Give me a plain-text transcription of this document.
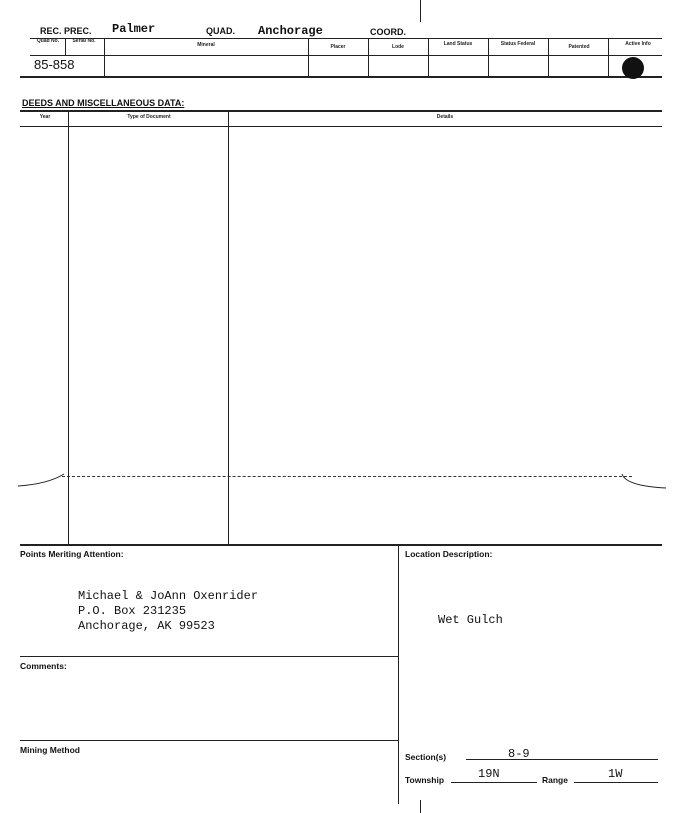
REC. PREC. Palmer	QUAD. Anchorage	COORD.
Quad No.	Serial No.
Mineral	Placer	Lode	Land Status	Status Federal	Patented	Active Info
85-858
DEEDS AND MISCELLANEOUS DATA:
Year	Type of Document	Details
Points Meriting Attention:	Location Description:
Michael & JoAnn Oxenrider
P.O. Box 231235
Anchorage, AK 99523	Wet Gulch
Comments:
Mining Method
Section(s)	8-9
Township	19N	Range	1W
